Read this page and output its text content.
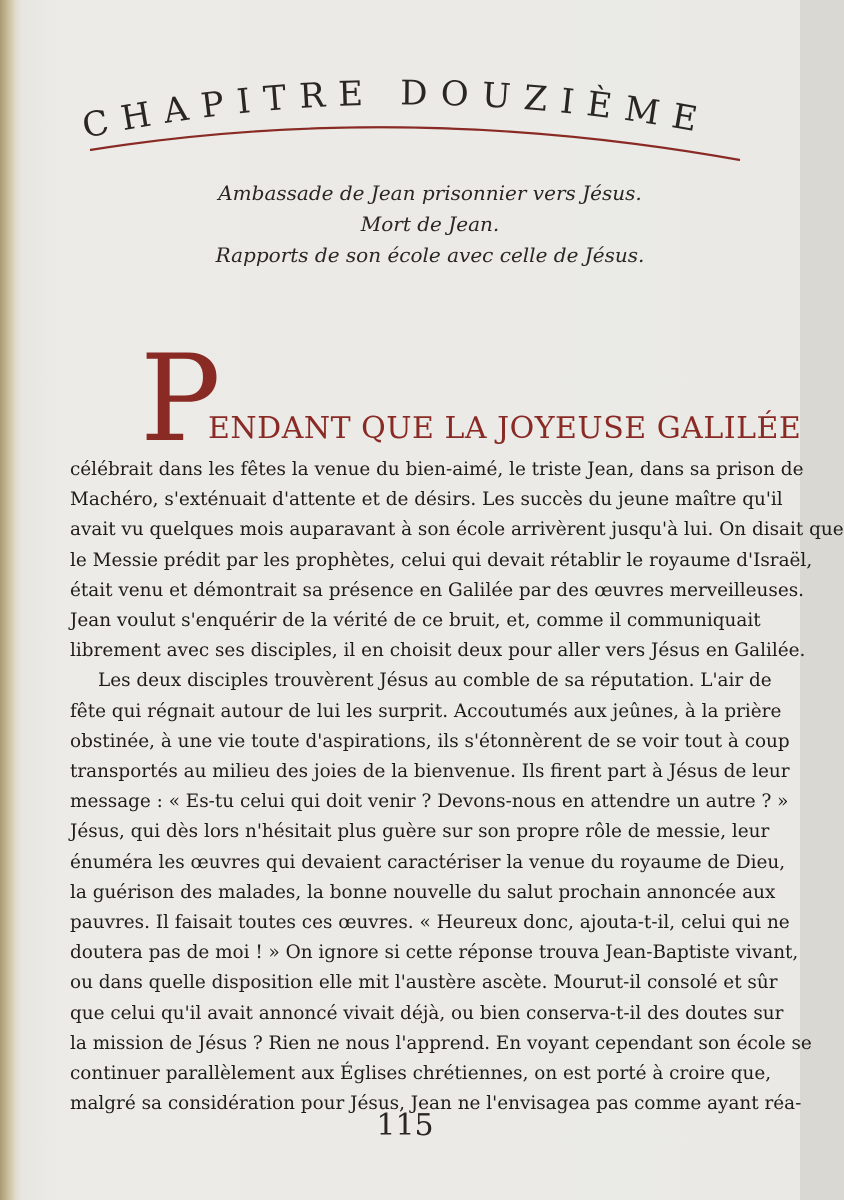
CHAPITRE DOUZIÈME
Ambassade de Jean prisonnier vers Jésus.
Mort de Jean.
Rapports de son école avec celle de Jésus.
P
ENDANT QUE LA JOYEUSE GALILÉE
célébrait dans les fêtes la venue du bien-aimé, le triste Jean, dans sa prison de
Machéro, s'exténuait d'attente et de désirs. Les succès du jeune maître qu'il
avait vu quelques mois auparavant à son école arrivèrent jusqu'à lui. On disait que
le Messie prédit par les prophètes, celui qui devait rétablir le royaume d'Israël,
était venu et démontrait sa présence en Galilée par des œuvres merveilleuses.
Jean voulut s'enquérir de la vérité de ce bruit, et, comme il communiquait
librement avec ses disciples, il en choisit deux pour aller vers Jésus en Galilée.
Les deux disciples trouvèrent Jésus au comble de sa réputation. L'air de
fête qui régnait autour de lui les surprit. Accoutumés aux jeûnes, à la prière
obstinée, à une vie toute d'aspirations, ils s'étonnèrent de se voir tout à coup
transportés au milieu des joies de la bienvenue. Ils firent part à Jésus de leur
message : « Es-tu celui qui doit venir ? Devons-nous en attendre un autre ? »
Jésus, qui dès lors n'hésitait plus guère sur son propre rôle de messie, leur
énuméra les œuvres qui devaient caractériser la venue du royaume de Dieu,
la guérison des malades, la bonne nouvelle du salut prochain annoncée aux
pauvres. Il faisait toutes ces œuvres. « Heureux donc, ajouta-t-il, celui qui ne
doutera pas de moi ! » On ignore si cette réponse trouva Jean-Baptiste vivant,
ou dans quelle disposition elle mit l'austère ascète. Mourut-il consolé et sûr
que celui qu'il avait annoncé vivait déjà, ou bien conserva-t-il des doutes sur
la mission de Jésus ? Rien ne nous l'apprend. En voyant cependant son école se
continuer parallèlement aux Églises chrétiennes, on est porté à croire que,
malgré sa considération pour Jésus, Jean ne l'envisagea pas comme ayant réa-
115
